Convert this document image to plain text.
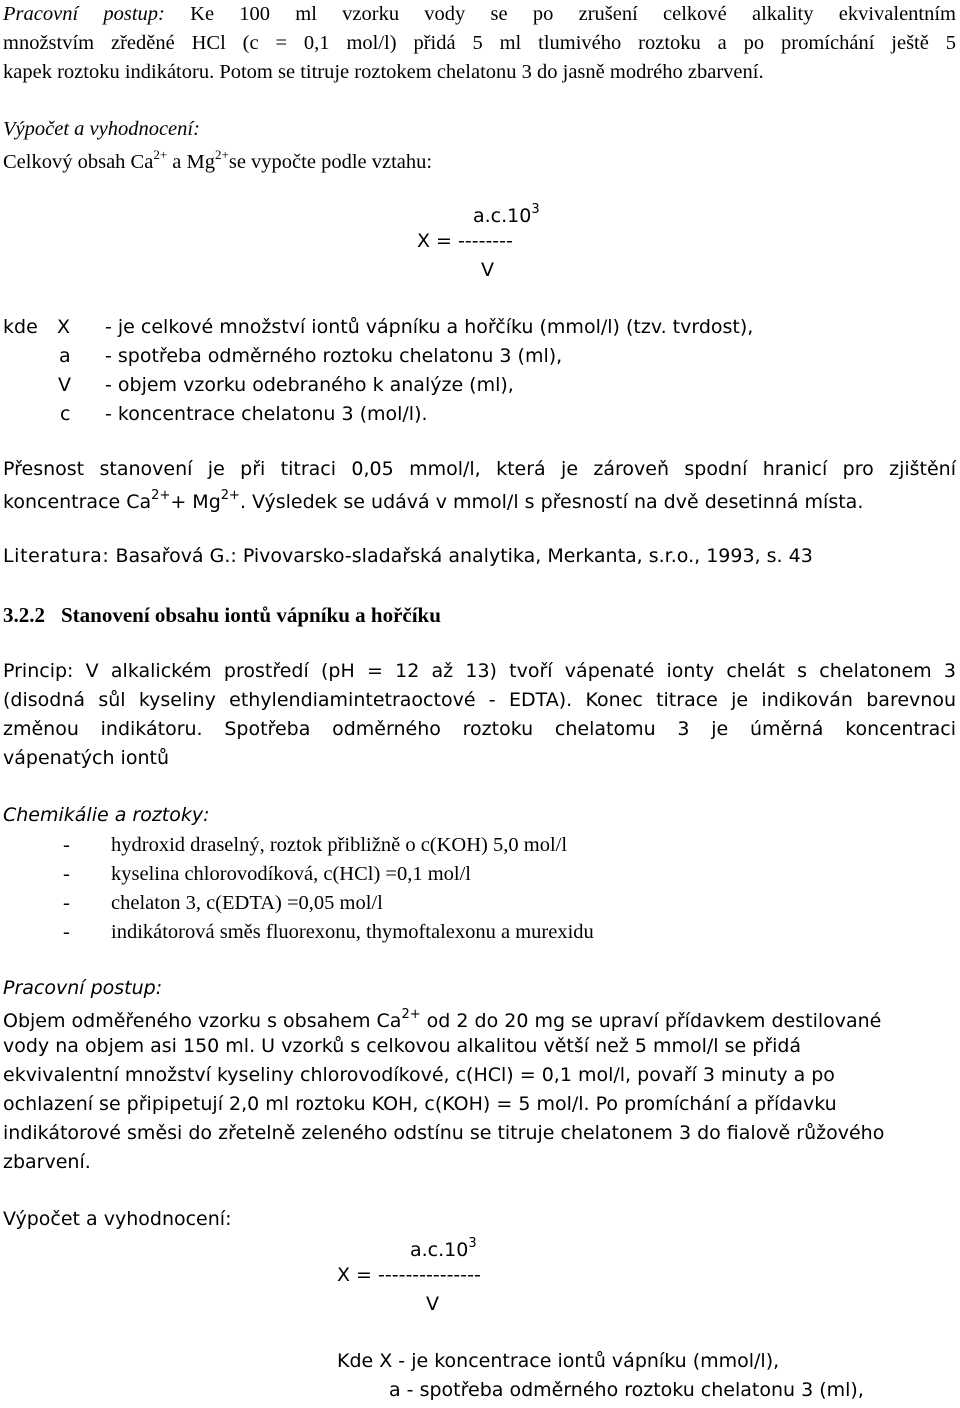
Pracovní postup: Ke 100 ml vzorku vody se po zrušení celkové alkality ekvivalentním
množstvím zředěné HCl (c = 0,1 mol/l) přidá 5 ml tlumivého roztoku a po promíchání ještě 5
kapek roztoku indikátoru. Potom se titruje roztokem chelatonu 3 do jasně modrého zbarvení.
Výpočet a vyhodnocení:
Celkový obsah $Ca^{2+}$ a $Mg^{2+}se$ vypočte podle vztahu:
$a.c.10^3$
X = --------
V
kde X - je celkové množství iontů vápníku a hořčíku (mmol/l) (tzv. tvrdost),
a - spotřeba odměrného roztoku chelatonu 3 (ml),
V - objem vzorku odebraného k analýze (ml),
c - koncentrace chelatonu 3 (mol/l).
Přesnost stanovení je při titraci 0,05 mmol/l, která je zároveň spodní hranicí pro zjištění
koncentrace $Ca^{2+}+ Mg^{2+}$. Výsledek se udává v mmol/l s přesností na dvě desetinná místa.
Literatura: Basařová G.: Pivovarsko-sladařská analytika, Merkanta, s.r.o., 1993, s. 43
3.2.2 Stanovení obsahu iontů vápníku a hořčíku
Princip: V alkalickém prostředí (pH = 12 až 13) tvoří vápenaté ionty chelát s chelatonem 3
(disodná sůl kyseliny ethylendiamintetraoctové - EDTA). Konec titrace je indikován barevnou
změnou indikátoru. Spotřeba odměrného roztoku chelatomu 3 je úměrná koncentraci
vápenatých iontů
Chemikálie a roztoky:
- hydroxid draselný, roztok přibližně o c(KOH) 5,0 mol/l
- kyselina chlorovodíková, c(HCl) =0,1 mol/l
- chelaton 3, c(EDTA) =0,05 mol/l
- indikátorová směs fluorexonu, thymoftalexonu a murexidu
Pracovní postup:
Objem odměřeného vzorku s obsahem $Ca^{2+}$ od 2 do 20 mg se upraví přídavkem destilované
vody na objem asi 150 ml. U vzorků s celkovou alkalitou větší než 5 mmol/l se přidá
ekvivalentní množství kyseliny chlorovodíkové, c(HCl) = 0,1 mol/l, povaří 3 minuty a po
ochlazení se připipetují 2,0 ml roztoku KOH, c(KOH) = 5 mol/l. Po promíchání a přídavku
indikátorové směsi do zřetelně zeleného odstínu se titruje chelatonem 3 do fialově růžového
zbarvení.
Výpočet a vyhodnocení:
$a.c.10^3$
X = ---------------
V
Kde X - je koncentrace iontů vápníku (mmol/l),
a - spotřeba odměrného roztoku chelatonu 3 (ml),
